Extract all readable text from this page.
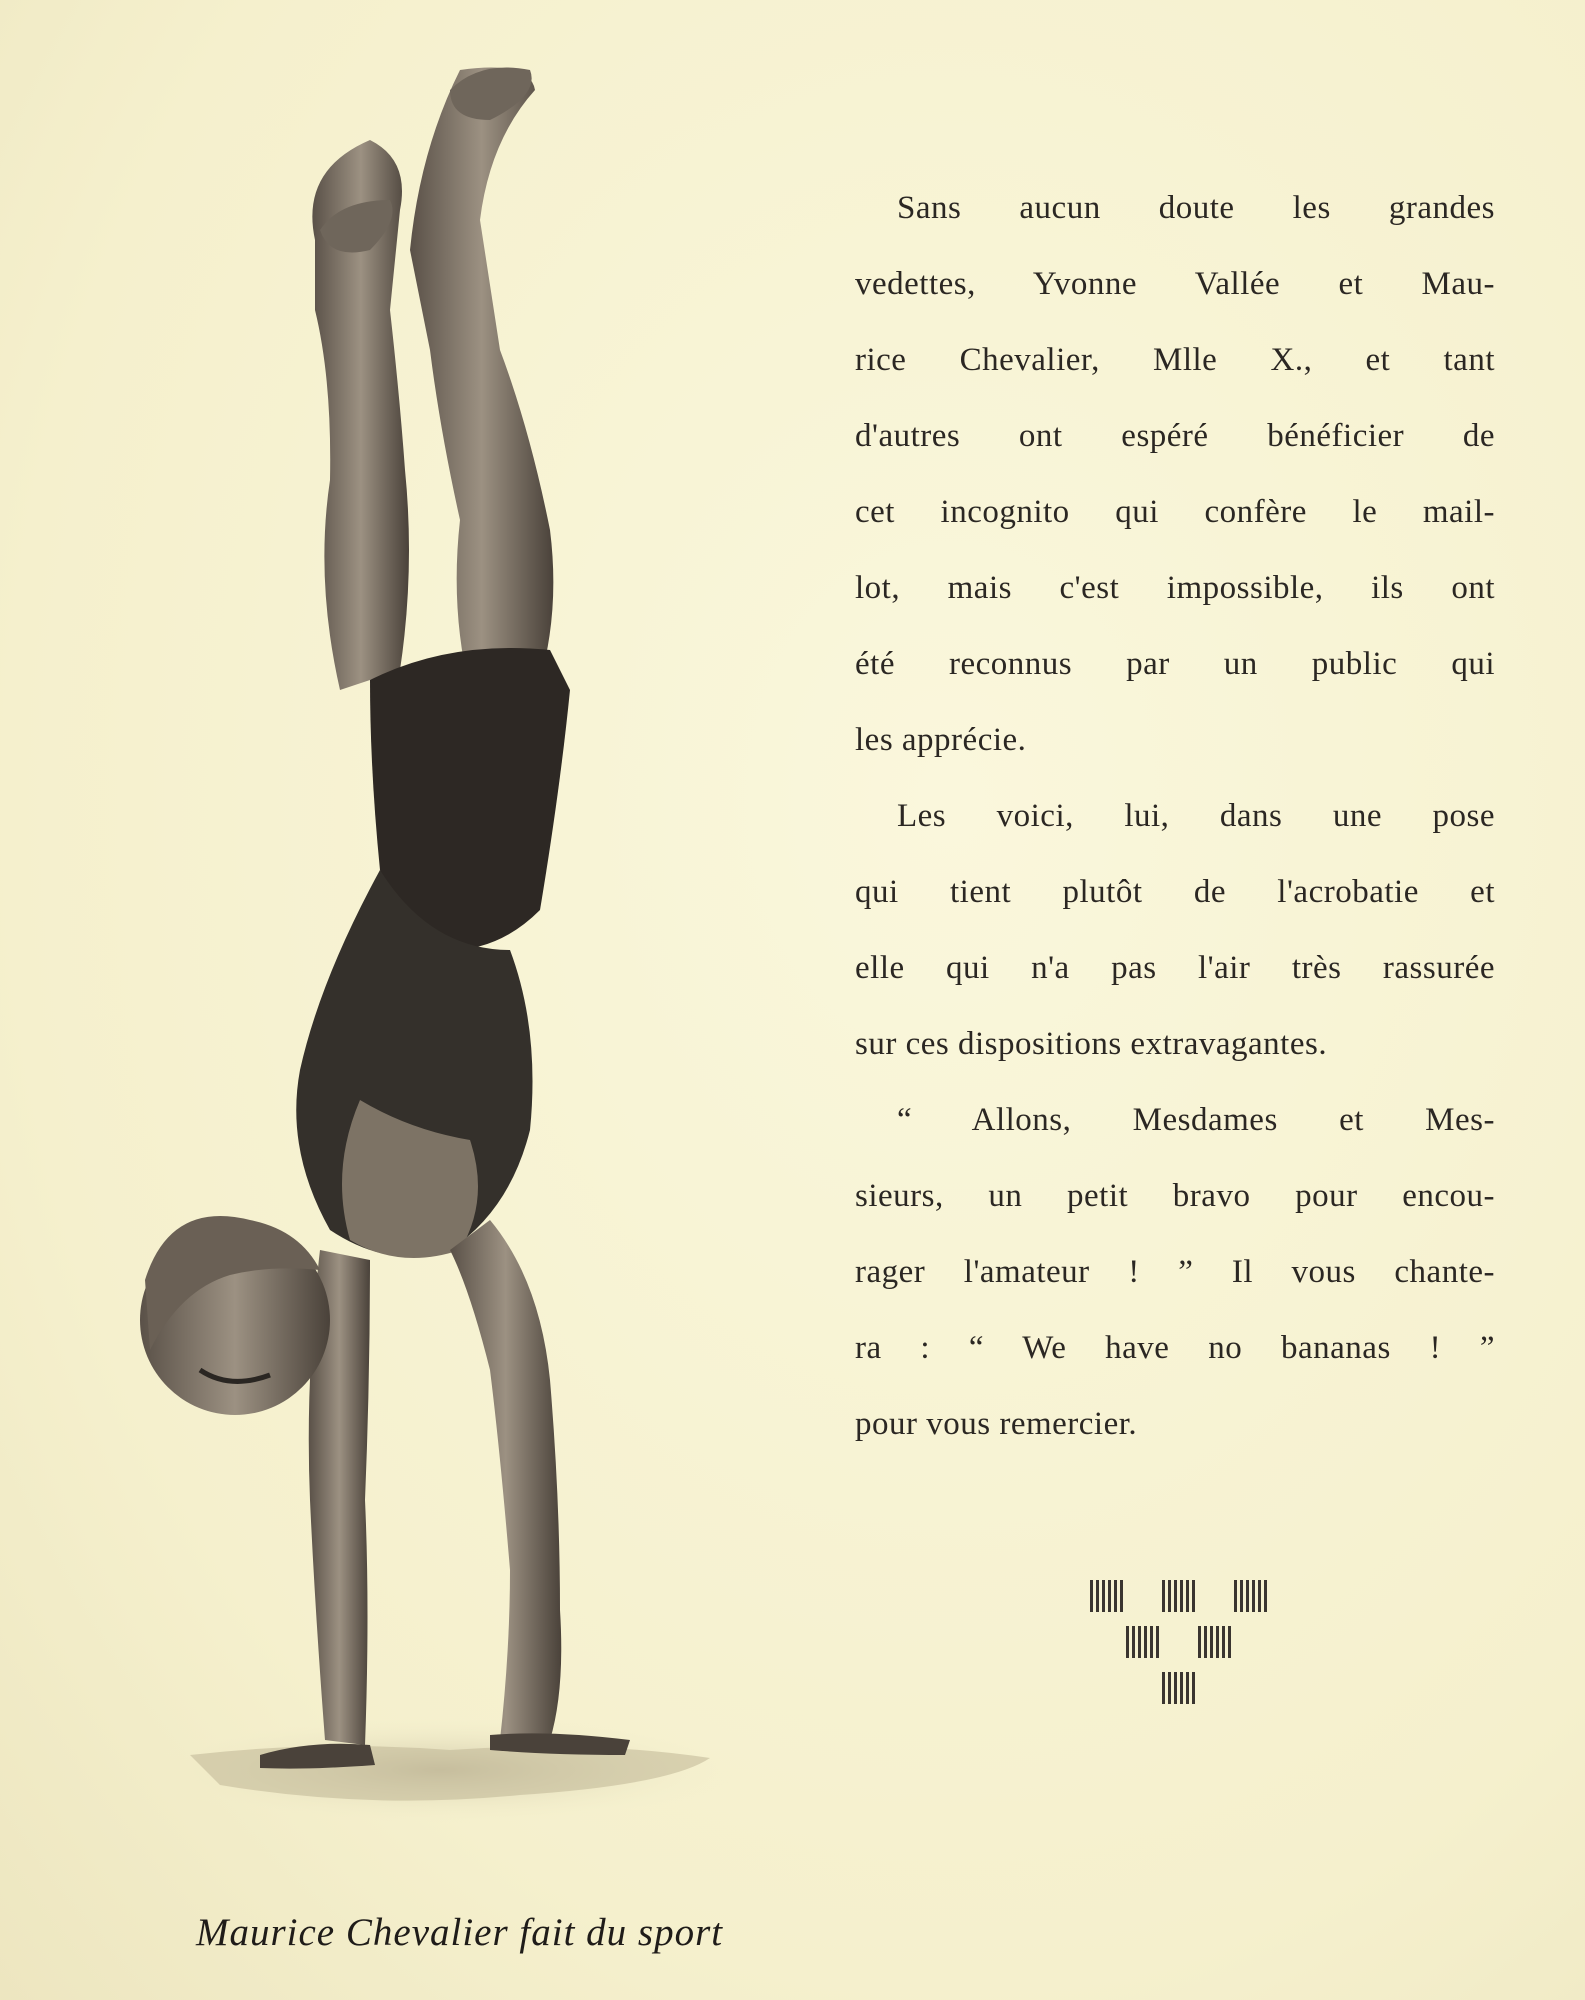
Maurice Chevalier fait du sport
Sans aucun doute les grandes
vedettes, Yvonne Vallée et Mau-
rice Chevalier, Mlle X., et tant
d'autres ont espéré bénéficier de
cet incognito qui confère le mail-
lot, mais c'est impossible, ils ont
été reconnus par un public qui
les apprécie.
Les voici, lui, dans une pose
qui tient plutôt de l'acrobatie et
elle qui n'a pas l'air très rassurée
sur ces dispositions extravagantes.
“ Allons, Mesdames et Mes-
sieurs, un petit bravo pour encou-
rager l'amateur ! ” Il vous chante-
ra : “ We have no bananas ! ”
pour vous remercier.
